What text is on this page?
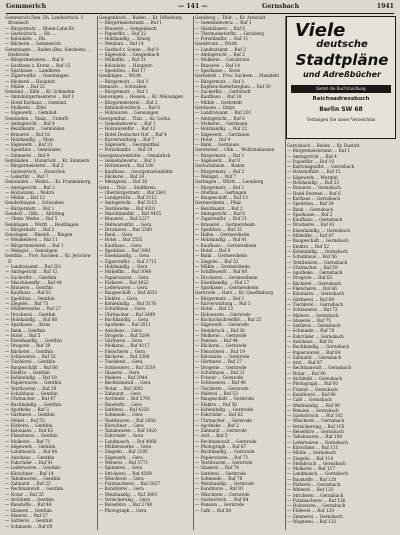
Gemmerich	— 141 —	Gernsbach	1941

Gemmerich Fam. Eh. Landwirtsch. 1 Braubach

— Bürgermstr. ... Rhein-Lahn-Kr.

— Gastwirtsch. ... Rh. ...

— Kolonialw. ... Rh.

— Bäckerei ... Gemmerich

Gemmingen ... Baden (Bez. Sinsheim) ... Heilbronn

— Bürgermeisterei ... Ruf 8

— Gasthaus z. Krone ... Ruf 15

— Sparkasse ... Landkreis

— Zigarrenfbr. ... Gemmingen

— Bäckerei ... Hauptstr.

— Mühle ... Ruf 22

Gemünd ... Eifel ... Kr. Schleiden

— Amtsbürgermeisterei ... Ruf 1

— Hotel Kurhaus ... Gemünd

— Molkerei ... Eifel

— Sägewerk ... Gemünd

Gemünden ... Main ... Unterfr.

— Amtsgericht ... Ruf 4

— Bezirksamt ... Gemünden

— Brauerei ... Ruf 16

— Holzhandlg. ... Main

— Sägewerk ... Ruf 31

— Spedition ... Gemünden

— Zimmerei ... Ruf 9

Gemünden ... Hunsrück ... Kr. Simmern

— Bürgermeisterei ... Ruf 2

— Gastwirtsch. ... Hunsrück

— Lederfbr. ... Ruf 7

Gemünden ... Wohra ... Kr. Frankenberg

— Amtsgericht ... Ruf 3

— Holzwaren ... Wohra

— Mühle ... Ruf 12

Genderkingen ... Schwaben

— Bürgermstr. ... Ruf 1

Gendorf ... Obb. ... Altötting

— Chem. Werke ... Ruf 5

Genkingen ... Württ. ... Reutlingen

— Bürgermstr. ... Ruf 2

Gensingen ... Rheinh. ... Bingen

— Weinkellerei ... Ruf 11

— Bürgermeisterei ... Ruf 1

— Weingut ... Gensingen

Genthin ... Prov. Sachsen ... Kr. Jerichow II

— Landratsamt ... Ruf 201

— Amtsgericht ... Ruf 12

— Zuckerfbr. ... Genthin

— Maschinenfbr. ... Ruf 44

— Brauerei ... Genthin

— Kaufhaus ... Ruf 61

— Spedition ... Genthin

— Ziegelei ... Ruf 73

— Mühlenwerke ... Ruf 27

— Druckerei ... Genthin

— Holzhandlg. ... Ruf 88

— Sparkasse ... Kreis

— Bank ... Genthin

— Hotel ... Ruf 5

— Eisenhandlg. ... Genthin

— Drogerie ... Ruf 39

— Bäckerei ... Genthin

— Schlosserei ... Ruf 52

— Tischlerei ... Genthin

— Baugeschäft ... Ruf 66

— Elektro ... Genthin

— Kohlenhdlg. ... Ruf 18

— Papierwaren ... Genthin

— Textilwaren ... Ruf 29

— Schuhhaus ... Genthin

— Uhrmacher ... Ruf 47

— Buchhandlg. ... Genthin

— Apotheke ... Ruf 3

— Gärtnerei ... Genthin

— Möbel ... Ruf 55

— Färberei ... Genthin

— Kolonialw. ... Ruf 62

— Fleischerei ... Genthin

— Molkerei ... Ruf 71

— Sägewerk ... Genthin

— Landmasch. ... Ruf 84

— Autohaus ... Genthin

— Fahrräder ... Ruf 91

— Lederwaren ... Genthin

— Kürschner ... Ruf 14

— Tabakwaren ... Genthin

— Zahnarzt ... Ruf 23

— Rechtsanwalt ... Genthin

— Notar ... Ruf 35

— Architekt ... Genthin

— Baustoffe ... Ruf 48

— Glaserei ... Genthin

— Malerei ... Ruf 57

— Sattlerei ... Genthin

— Schmiede ... Ruf 69

Gengenbach ... Baden ... Kr. Offenburg

— Bürgermeisteramt ... Ruf 1

— Brauerei ... Gengenbach

— Papierfbr. ... Ruf 22

— Holzhandlg. ... Kinzig

— Weinbau ... Ruf 14

— Gasthof z. Sonne ... Ruf 9

— Sägewerk ... Gengenbach

— Möbelfbr. ... Ruf 31

— Kolonialw. ... Hauptstr.

— Spedition ... Ruf 17

Genkingen ... Württ.

— Bürgermstr. ... Ruf 3

Gennach ... Schwaben

— Bürgermstr. ... Ruf 1

Gensungen ... Hessen ... Kr. Melsungen

— Bürgermeisterei ... Ruf 2

— Bahnhofswirtsch. ... Ruf 8

— Holzwaren ... Gensungen

Georgenthal ... Thür. ... Kr. Gotha

— Gemeindeverw. ... Ruf 1

— Holzwarenfbr. ... Ruf 12

— Hotel Deutscher Hof ... Ruf 4

— Kurverwaltung ... Ruf 7

— Sägewerk ... Georgenthal

— Porzellanfbr. ... Ruf 19

Georgsmarienhütte ... Osnabrück

— Gemeindeverw. ... Ruf 1

— Hüttenwerk ... Ruf 100

— Kaufhaus ... Georgsmarienhütte

— Bäckerei ... Ruf 24

— Metzgerei ... Ruf 36

Gera ... Thür. ... Stadtkreis

— Oberbürgermstr. ... Ruf 2841

— Landgericht ... Ruf 3112

— Amtsgericht ... Ruf 3115

— Textilwerke ... Ruf 4201

— Maschinenfbr. ... Ruf 4455

— Brauerei ... Ruf 2217

— Wollwarenfbr. ... Gera

— Druckerei ... Ruf 3360

— Bank ... Gera

— Hotel ... Ruf 2555

— Kaufhaus ... Gera

— Spedition ... Ruf 3901

— Eisenhandlg. ... Gera

— Zigarrenfbr. ... Ruf 2712

— Holzhandlg. ... Gera

— Möbelfbr. ... Ruf 3048

— Papierwaren ... Gera

— Färberei ... Ruf 4022

— Lederwaren ... Gera

— Baugeschäft ... Ruf 2633

— Elektro ... Gera

— Kohlenhdlg. ... Ruf 3176

— Schuhhaus ... Gera

— Uhrmacher ... Ruf 2499

— Buchhandlg. ... Gera

— Apotheke ... Ruf 2011

— Autohaus ... Gera

— Drogerie ... Ruf 3284

— Gärtnerei ... Gera

— Molkerei ... Ruf 4117

— Fleischerei ... Gera

— Bäckerei ... Ruf 2368

— Tischlerei ... Gera

— Schlosserei ... Ruf 3539

— Glaserei ... Gera

— Malerei ... Ruf 2944

— Rechtsanwalt ... Gera

— Notar ... Ruf 3602

— Zahnarzt ... Gera

— Architekt ... Ruf 2791

— Baustoffe ... Gera

— Sattlerei ... Ruf 4330

— Schmiede ... Gera

— Textilwaren ... Ruf 2856

— Kürschner ... Gera

— Tabakwaren ... Ruf 3420

— Fahrräder ... Gera

— Landmasch. ... Ruf 4068

— Mühlenwerke ... Gera

— Ziegelei ... Ruf 2185

— Sägewerk ... Gera

— Weberei ... Ruf 3771

— Spinnerei ... Gera

— Strickerei ... Ruf 4509

— Wäscherei ... Gera

— Putzmacherei ... Ruf 2627

— Konditorei ... Gera

— Weinhandlg. ... Ruf 3893

— Versicherung ... Gera

— Reisebüro ... Ruf 2740

— Photograph ... Gera

Geraberg ... Thür. ... Kr. Arnstadt

— Gemeindeverw. ... Ruf 1

— Glasbläserei ... Ruf 6

— Thermometerfbr. ... Geraberg

— Porzellanfbr. ... Ruf 11

Gerabronn ... Württ.

— Landratsamt ... Ruf 2

— Amtsgericht ... Ruf 5

— Molkerei ... Gerabronn

— Brauerei ... Ruf 14

— Sparkasse ... Kreis

Gerbstedt ... Prov. Sachsen ... Mansfeld

— Bürgermstr. ... Ruf 1

— Kupferschieferbergbau ... Ruf 30

— Zuckerfbr. ... Gerbstedt

— Kaufhaus ... Ruf 18

— Mühle ... Gerbstedt

Gerdauen ... Ostpr.

— Landratsamt ... Ruf 201

— Amtsgericht ... Ruf 8

— Molkerei ... Gerdauen

— Holzhandlg. ... Ruf 22

— Sägewerk ... Gerdauen

— Hotel ... Ruf 4

— Bank ... Gerdauen

Geretsried ... Obb. ... Wolfratshausen

— Bürgermstr. ... Ruf 1

— Sägewerk ... Ruf 9

Gerlachsheim ... Baden

— Bürgermstr. ... Ruf 2

— Weingut ... Ruf 7

Gerlingen ... Württ. ... Leonberg

— Bürgermstr. ... Ruf 1

— Obstbau ... Gerlingen

— Baugeschäft ... Ruf 13

Germersheim ... Pfalz

— Bezirksamt ... Ruf 2

— Amtsgericht ... Ruf 6

— Zigarrenfbr. ... Ruf 21

— Brauerei ... Germersheim

— Spedition ... Ruf 33

— Hafen ... Germersheim

— Holzhandlg. ... Ruf 41

— Kaufhaus ... Germersheim

— Hotel ... Ruf 9

— Bank ... Germersheim

— Ziegelei ... Ruf 52

— Mühle ... Germersheim

— Schiffswerft ... Ruf 60

— Druckerei ... Germersheim

— Eisenhandlg. ... Ruf 17

— Sparkasse ... Germersheim

Gernrode ... Harz ... Kr. Quedlinburg

— Bürgermstr. ... Ruf 1

— Kurverwaltung ... Ruf 3

— Hotel ... Ruf 12

— Holzwaren ... Gernrode

— Kuckucksuhrenfbr. ... Ruf 25

— Sägewerk ... Gernrode

— Steinbruch ... Ruf 38

— Molkerei ... Gernrode

— Pension ... Ruf 44

— Bäckerei ... Gernrode

— Fleischerei ... Ruf 19

— Kolonialw. ... Gernrode

— Gärtnerei ... Ruf 27

— Drogerie ... Gernrode

— Schuhhaus ... Ruf 31

— Friseur ... Gernrode

— Schlosserei ... Ruf 46

— Tischlerei ... Gernrode

— Malerei ... Ruf 53

— Baugeschäft ... Gernrode

— Elektro ... Ruf 58

— Kohlenhdlg. ... Gernrode

— Fahrräder ... Ruf 62

— Uhrmacher ... Gernrode

— Apotheke ... Ruf 2

— Zahnarzt ... Gernrode

— Arzt ... Ruf 5

— Rechtsanwalt ... Gernrode

— Photograph ... Ruf 67

— Buchhandlg. ... Gernrode

— Papierwaren ... Ruf 71

— Textilwaren ... Gernrode

— Glaserei ... Ruf 74

— Sattlerei ... Gernrode

— Schmiede ... Ruf 78

— Weinhandlg. ... Gernrode

— Konditorei ... Ruf 81

— Wäscherei ... Gernrode

— Gastwirtsch. ... Ruf 84

— Pension ... Gernrode

— Café ... Ruf 88

Viele
deutsche
Stadtpläne
und Adreßbücher
bietet die Buchhandlung
Reichsadressbuch
Berlin SW 68
Verlangen Sie unser Verzeichnis

Gernsbach ... Baden ... Kr. Rastatt

— Bürgermeisteramt ... Ruf 1

— Amtsgericht ... Ruf 4

— Papierfbr. ... Ruf 10

— Kartonagenfbr. ... Gernsbach

— Holzstoffabr. ... Ruf 15

— Sägewerk ... Murgtal

— Holzhandlg. ... Ruf 23

— Brauerei ... Gernsbach

— Hotel Sternen ... Ruf 6

— Kurhaus ... Gernsbach

— Spedition ... Ruf 34

— Bank ... Gernsbach

— Sparkasse ... Ruf 2

— Kaufhaus ... Gernsbach

— Druckerei ... Ruf 41

— Eisenhandlg. ... Gernsbach

— Möbelfbr. ... Ruf 47

— Baugeschäft ... Gernsbach

— Elektro ... Ruf 52

— Kohlenhdlg. ... Gernsbach

— Schuhhaus ... Ruf 56

— Textilwaren ... Gernsbach

— Uhrmacher ... Ruf 59

— Apotheke ... Gernsbach

— Drogerie ... Ruf 63

— Bäckerei ... Gernsbach

— Fleischerei ... Ruf 66

— Kolonialw. ... Gernsbach

— Gärtnerei ... Ruf 69

— Tischlerei ... Gernsbach

— Schlosserei ... Ruf 72

— Malerei ... Gernsbach

— Glaserei ... Ruf 75

— Sattlerei ... Gernsbach

— Schmiede ... Ruf 78

— Fahrräder ... Gernsbach

— Autohaus ... Ruf 81

— Buchhandlg. ... Gernsbach

— Papierwaren ... Ruf 84

— Zahnarzt ... Gernsbach

— Arzt ... Ruf 87

— Rechtsanwalt ... Gernsbach

— Notar ... Ruf 90

— Architekt ... Gernsbach

— Photograph ... Ruf 93

— Friseur ... Gernsbach

— Konditorei ... Ruf 96

— Café ... Gernsbach

— Weinhandlg. ... Ruf 99

— Pension ... Gernsbach

— Gastwirtsch. ... Ruf 102

— Wäscherei ... Gernsbach

— Versicherung ... Ruf 105

— Reisebüro ... Gernsbach

— Tabakwaren ... Ruf 108

— Lederwaren ... Gernsbach

— Kürschner ... Ruf 111

— Mühle ... Gernsbach

— Ziegelei ... Ruf 114

— Steinbruch ... Gernsbach

— Molkerei ... Ruf 117

— Landmasch. ... Gernsbach

— Baustoffe ... Ruf 120

— Färberei ... Gernsbach

— Weberei ... Ruf 123

— Strickerei ... Gernsbach

— Putzmacherei ... Ruf 126

— Holzwaren ... Gernsbach

— Flößerei ... Ruf 129

— Zimmerei ... Gernsbach

— Wagnerei ... Ruf 132
